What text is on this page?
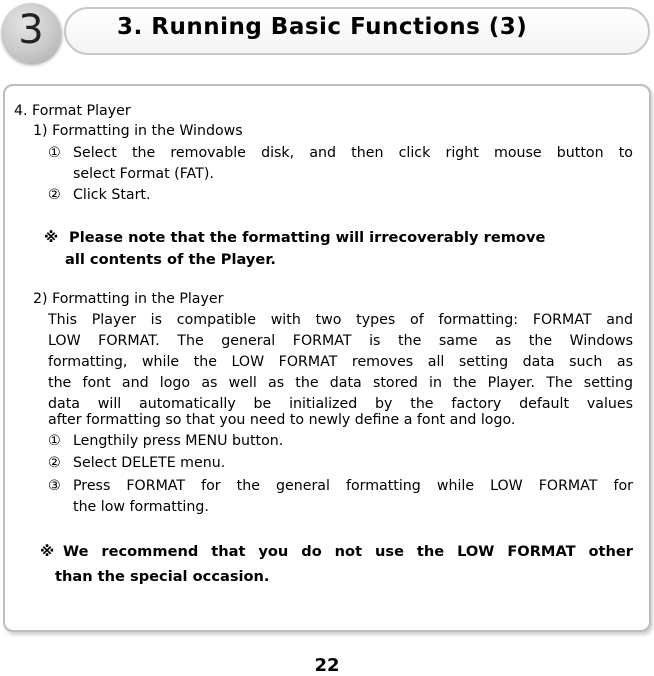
3	3. Running Basic Functions (3)
4. Format Player
1) Formatting in the Windows
① Select the removable disk, and then click right mouse button to
select Format (FAT).
② Click Start.
※ Please note that the formatting will irrecoverably remove
all contents of the Player.
2) Formatting in the Player
This Player is compatible with two types of formatting: FORMAT and
LOW FORMAT. The general FORMAT is the same as the Windows
formatting, while the LOW FORMAT removes all setting data such as
the font and logo as well as the data stored in the Player. The setting
data will automatically be initialized by the factory default values
after formatting so that you need to newly define a font and logo.
① Lengthily press MENU button.
② Select DELETE menu.
③ Press FORMAT for the general formatting while LOW FORMAT for
the low formatting.
※ We recommend that you do not use the LOW FORMAT other
than the special occasion.
22
